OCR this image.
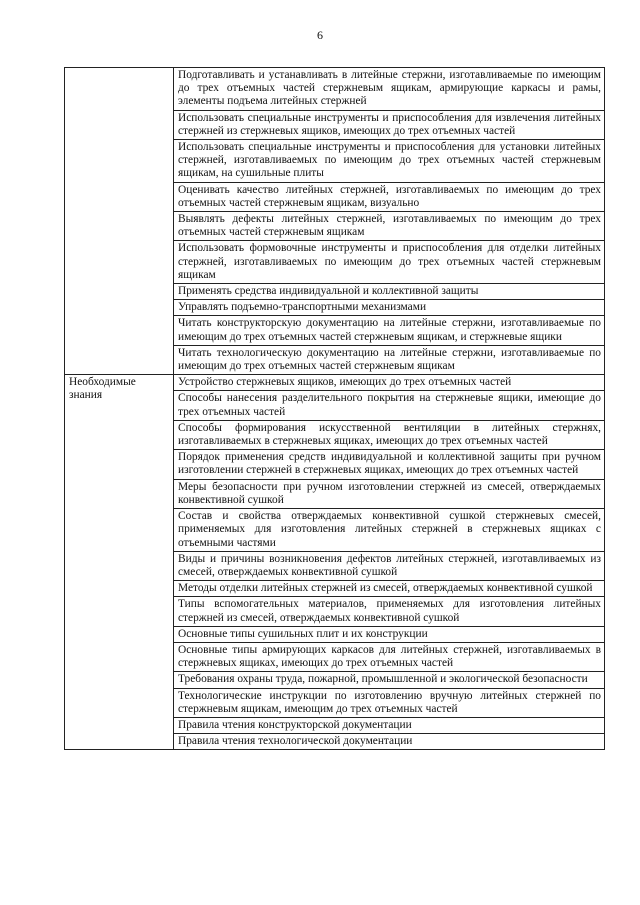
6
	Подготавливать и устанавливать в литейные стержни, изготавливаемые по имеющим до трех отъемных частей стержневым ящикам, армирующие каркасы и рамы, элементы подъема литейных стержней
	Использовать специальные инструменты и приспособления для извлечения литейных стержней из стержневых ящиков, имеющих до трех отъемных частей
	Использовать специальные инструменты и приспособления для установки литейных стержней, изготавливаемых по имеющим до трех отъемных частей стержневым ящикам, на сушильные плиты
	Оценивать качество литейных стержней, изготавливаемых по имеющим до трех отъемных частей стержневым ящикам, визуально
	Выявлять дефекты литейных стержней, изготавливаемых по имеющим до трех отъемных частей стержневым ящикам
	Использовать формовочные инструменты и приспособления для отделки литейных стержней, изготавливаемых по имеющим до трех отъемных частей стержневым ящикам
	Применять средства индивидуальной и коллективной защиты
	Управлять подъемно-транспортными механизмами
	Читать конструкторскую документацию на литейные стержни, изготавливаемые по имеющим до трех отъемных частей стержневым ящикам, и стержневые ящики
	Читать технологическую документацию на литейные стержни, изготавливаемые по имеющим до трех отъемных частей стержневым ящикам
Необходимые знания	Устройство стержневых ящиков, имеющих до трех отъемных частей
	Способы нанесения разделительного покрытия на стержневые ящики, имеющие до трех отъемных частей
	Способы формирования искусственной вентиляции в литейных стержнях, изготавливаемых в стержневых ящиках, имеющих до трех отъемных частей
	Порядок применения средств индивидуальной и коллективной защиты при ручном изготовлении стержней в стержневых ящиках, имеющих до трех отъемных частей
	Меры безопасности при ручном изготовлении стержней из смесей, отверждаемых конвективной сушкой
	Состав и свойства отверждаемых конвективной сушкой стержневых смесей, применяемых для изготовления литейных стержней в стержневых ящиках с отъемными частями
	Виды и причины возникновения дефектов литейных стержней, изготавливаемых из смесей, отверждаемых конвективной сушкой
	Методы отделки литейных стержней из смесей, отверждаемых конвективной сушкой
	Типы вспомогательных материалов, применяемых для изготовления литейных стержней из смесей, отверждаемых конвективной сушкой
	Основные типы сушильных плит и их конструкции
	Основные типы армирующих каркасов для литейных стержней, изготавливаемых в стержневых ящиках, имеющих до трех отъемных частей
	Требования охраны труда, пожарной, промышленной и экологической безопасности
	Технологические инструкции по изготовлению вручную литейных стержней по стержневым ящикам, имеющим до трех отъемных частей
	Правила чтения конструкторской документации
	Правила чтения технологической документации
